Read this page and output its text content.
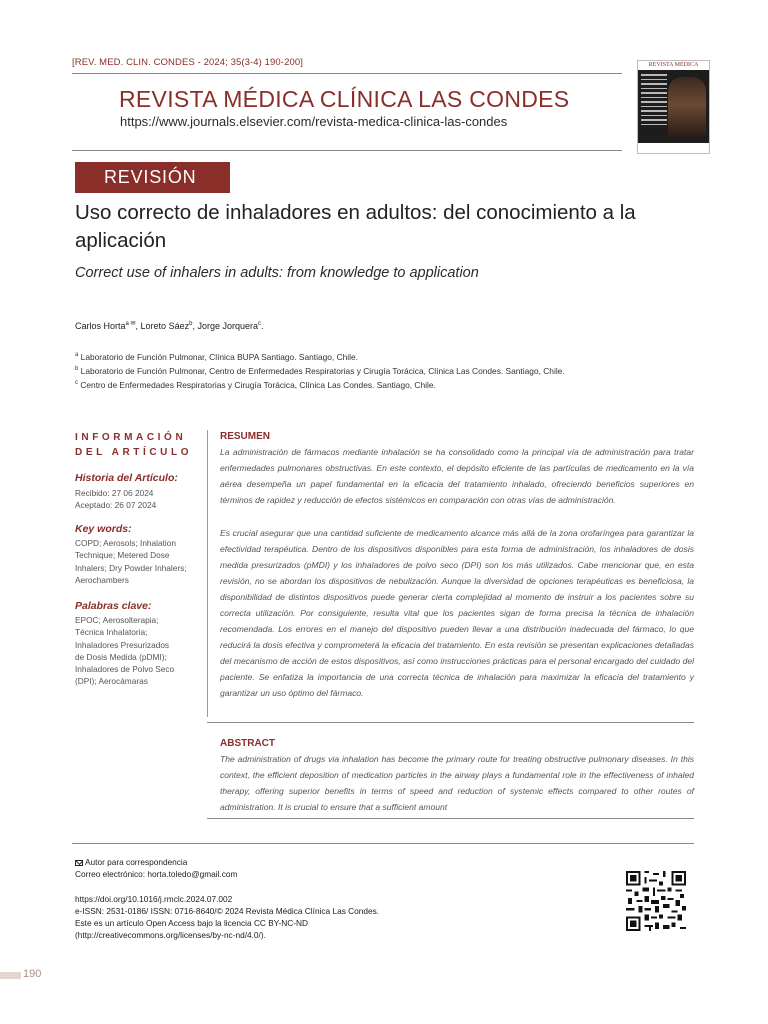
[REV. MED. CLIN. CONDES - 2024; 35(3-4) 190-200]
REVISTA MÉDICA CLÍNICA LAS CONDES
https://www.journals.elsevier.com/revista-medica-clinica-las-condes
REVISTA MÉDICA
REVISIÓN
Uso correcto de inhaladores en adultos: del conocimiento a la aplicación
Correct use of inhalers in adults: from knowledge to application
Carlos Horta$^{a ✉}$, Loreto Sáez$^b$, Jorge Jorquera$^c$.
$^a$ Laboratorio de Función Pulmonar, Clínica BUPA Santiago. Santiago, Chile.
$^b$ Laboratorio de Función Pulmonar, Centro de Enfermedades Respiratorias y Cirugía Torácica, Clínica Las Condes. Santiago, Chile.
$^c$ Centro de Enfermedades Respiratorias y Cirugía Torácica, Clínica Las Condes. Santiago, Chile.
INFORMACIÓN
DEL ARTÍCULO
Historia del Artículo:
Recibido: 27 06 2024
Aceptado: 26 07 2024
Key words:
COPD; Aerosols; Inhalation
Technique; Metered Dose
Inhalers; Dry Powder Inhalers;
Aerochambers
Palabras clave:
EPOC; Aerosolterapia;
Técnica Inhalatoria;
Inhaladores Presurizados
de Dosis Medida (pDMI);
Inhaladores de Polvo Seco
(DPI); Aerocámaras
RESUMEN

La administración de fármacos mediante inhalación se ha consolidado como la principal vía de administración para tratar enfermedades pulmonares obstructivas. En este contexto, el depósito eficiente de las partículas de medicamento en la vía aérea desempeña un papel fundamental en la eficacia del tratamiento inhalado, ofreciendo beneficios superiores en términos de rapidez y reducción de efectos sistémicos en comparación con otras vías de administración.

Es crucial asegurar que una cantidad suficiente de medicamento alcance más allá de la zona orofaríngea para garantizar la efectividad terapéutica. Dentro de los dispositivos disponibles para esta forma de administración, los inhaladores de dosis medida presurizados (pMDI) y los inhaladores de polvo seco (DPI) son los más utilizados. Cabe mencionar que, en esta revisión, no se abordan los dispositivos de nebulización. Aunque la diversidad de opciones terapéuticas es beneficiosa, la disponibilidad de distintos dispositivos puede generar cierta complejidad al momento de instruir a los pacientes sobre su correcta utilización. Por consiguiente, resulta vital que los pacientes sigan de forma precisa la técnica de inhalación recomendada. Los errores en el manejo del dispositivo pueden llevar a una distribución inadecuada del fármaco, lo que reducirá la dosis efectiva y comprometerá la eficacia del tratamiento. En esta revisión se presentan explicaciones detalladas del mecanismo de acción de estos dispositivos, así como instrucciones prácticas para el personal encargado del cuidado del paciente. Se enfatiza la importancia de una correcta técnica de inhalación para maximizar la eficacia del tratamiento y garantizar un uso óptimo del fármaco.

ABSTRACT

The administration of drugs via inhalation has become the primary route for treating obstructive pulmonary diseases. In this context, the efficient deposition of medication particles in the airway plays a fundamental role in the effectiveness of inhaled therapy, offering superior benefits in terms of speed and reduction of systemic effects compared to other routes of administration. It is crucial to ensure that a sufficient amount

Autor para correspondencia
Correo electrónico: horta.toledo@gmail.com
https://doi.org/10.1016/j.rmclc.2024.07.002
e-ISSN: 2531-0186/ ISSN: 0716-8640/© 2024 Revista Médica Clínica Las Condes.
Este es un artículo Open Access bajo la licencia CC BY-NC-ND
(http://creativecommons.org/licenses/by-nc-nd/4.0/).
190
